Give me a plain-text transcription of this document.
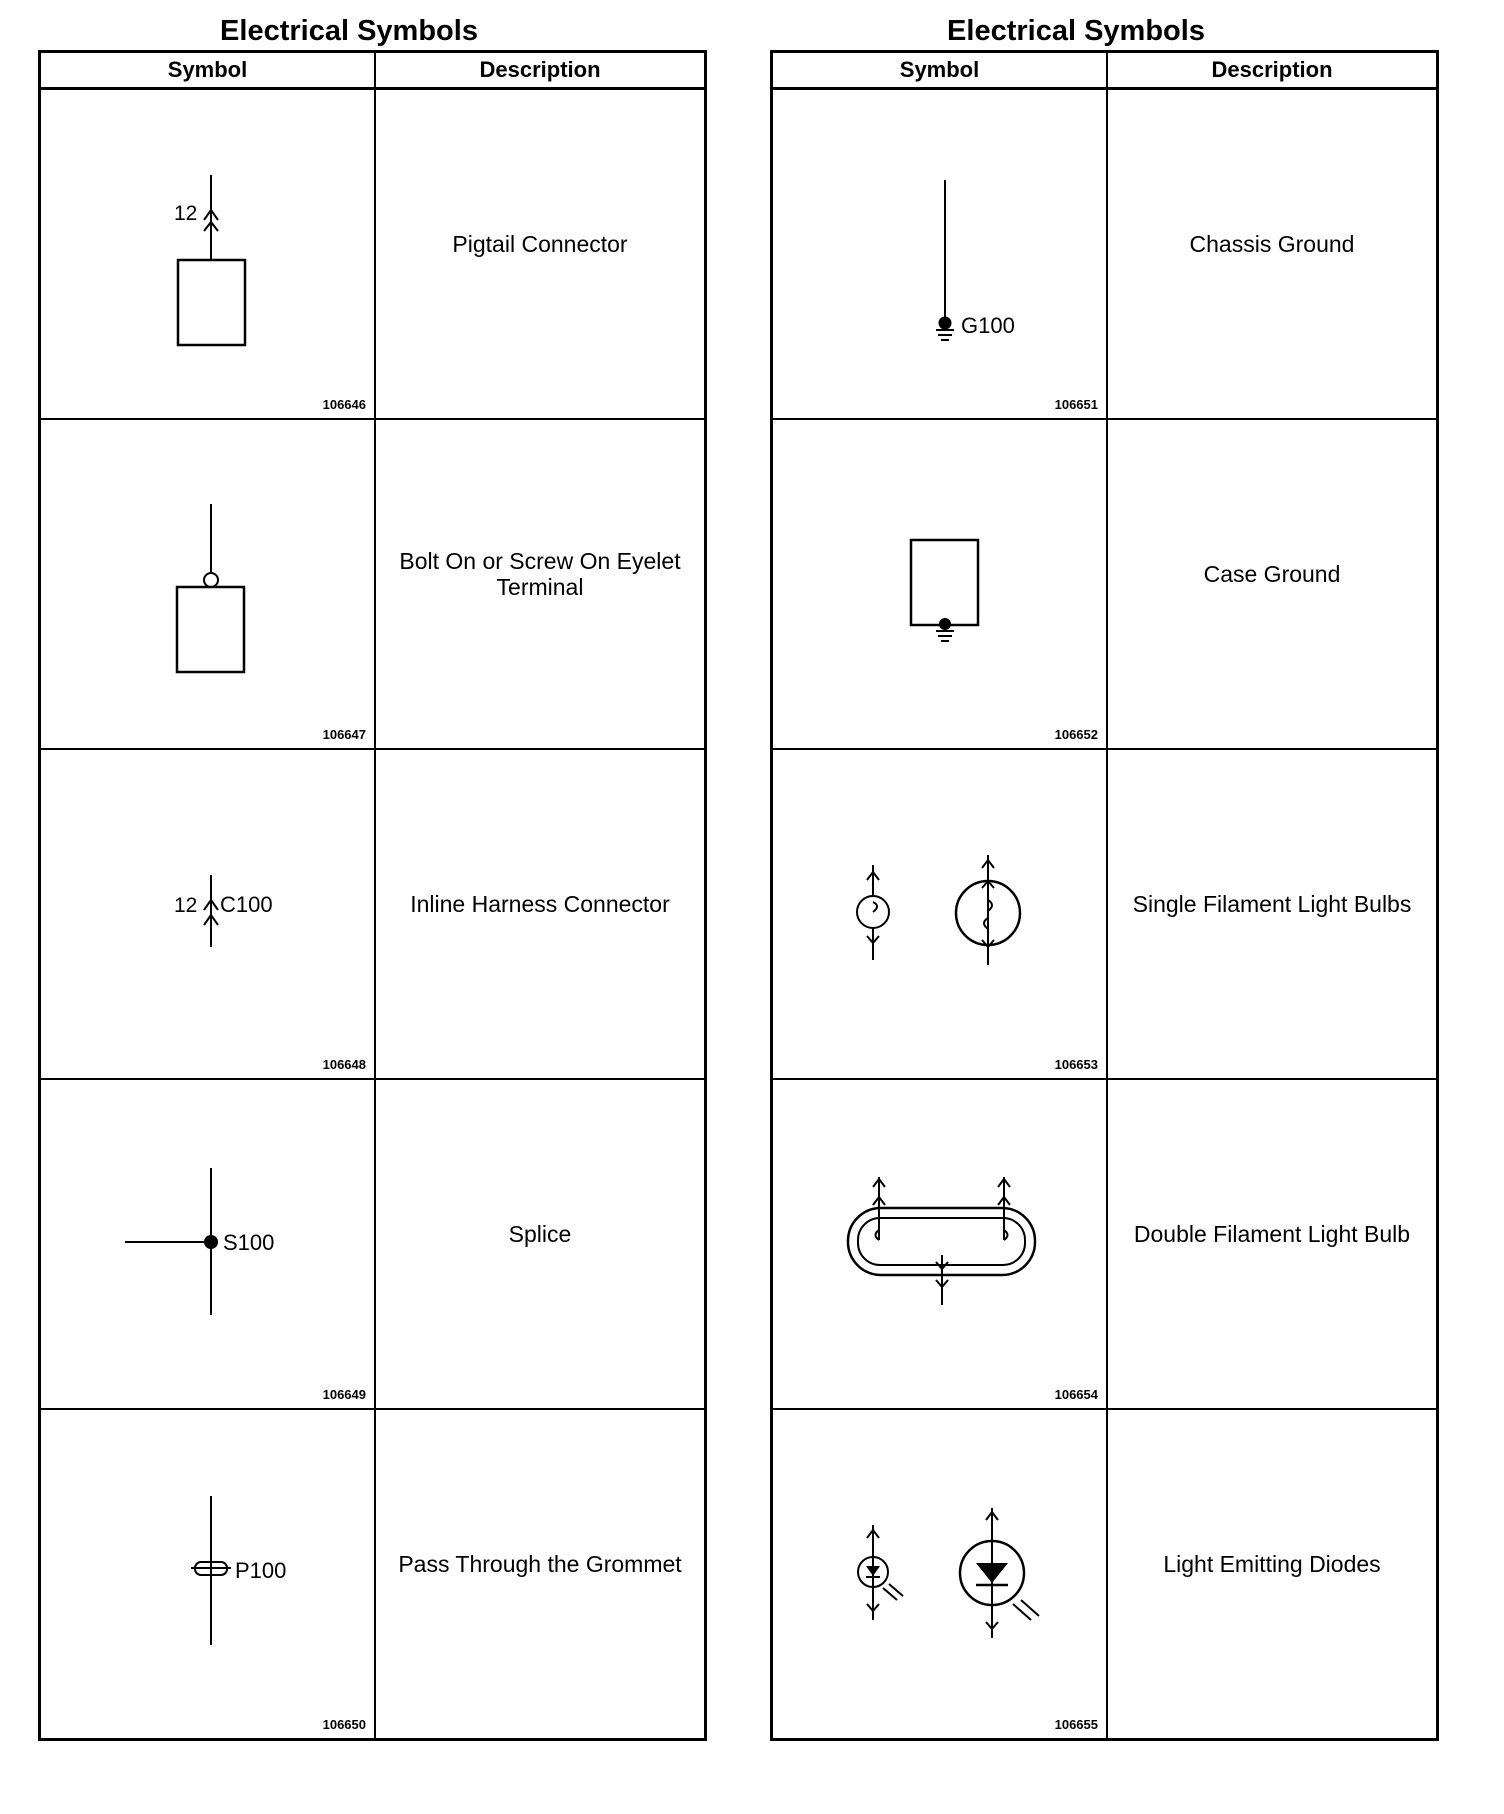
Electrical Symbols
Symbol	Description

12
106646	Pigtail Connector

106647	Bolt On or Screw On Eyelet Terminal

12 C100
106648	Inline Harness Connector

S100
106649	Splice

P100
106650	Pass Through the Grommet
Electrical Symbols
Symbol	Description

G100
106651	Chassis Ground

106652	Case Ground

106653	Single Filament Light Bulbs

106654	Double Filament Light Bulb

106655	Light Emitting Diodes
